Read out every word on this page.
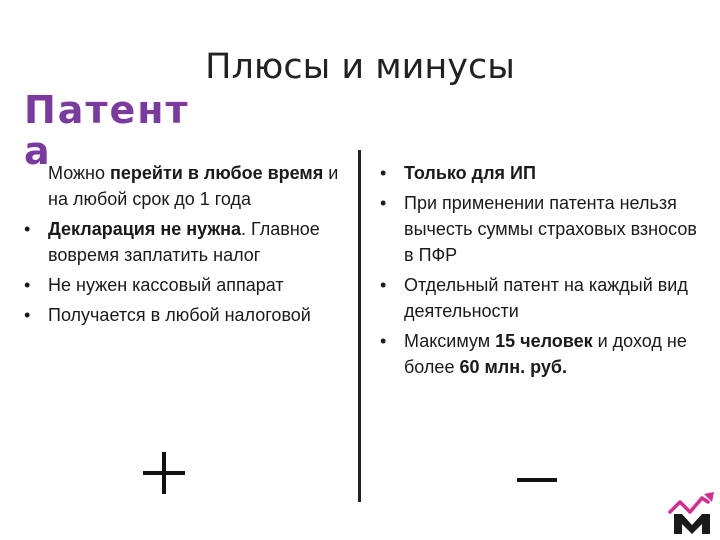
Плюсы и минусы
Патент
а
Можно перейти в любое время и на любой срок до 1 года
• Декларация не нужна. Главное вовремя заплатить налог
• Не нужен кассовый аппарат
• Получается в любой налоговой
• Только для ИП
• При применении патента нельзя вычесть суммы страховых взносов в ПФР
• Отдельный патент на каждый вид деятельности
• Максимум 15 человек и доход не более 60 млн. руб.
